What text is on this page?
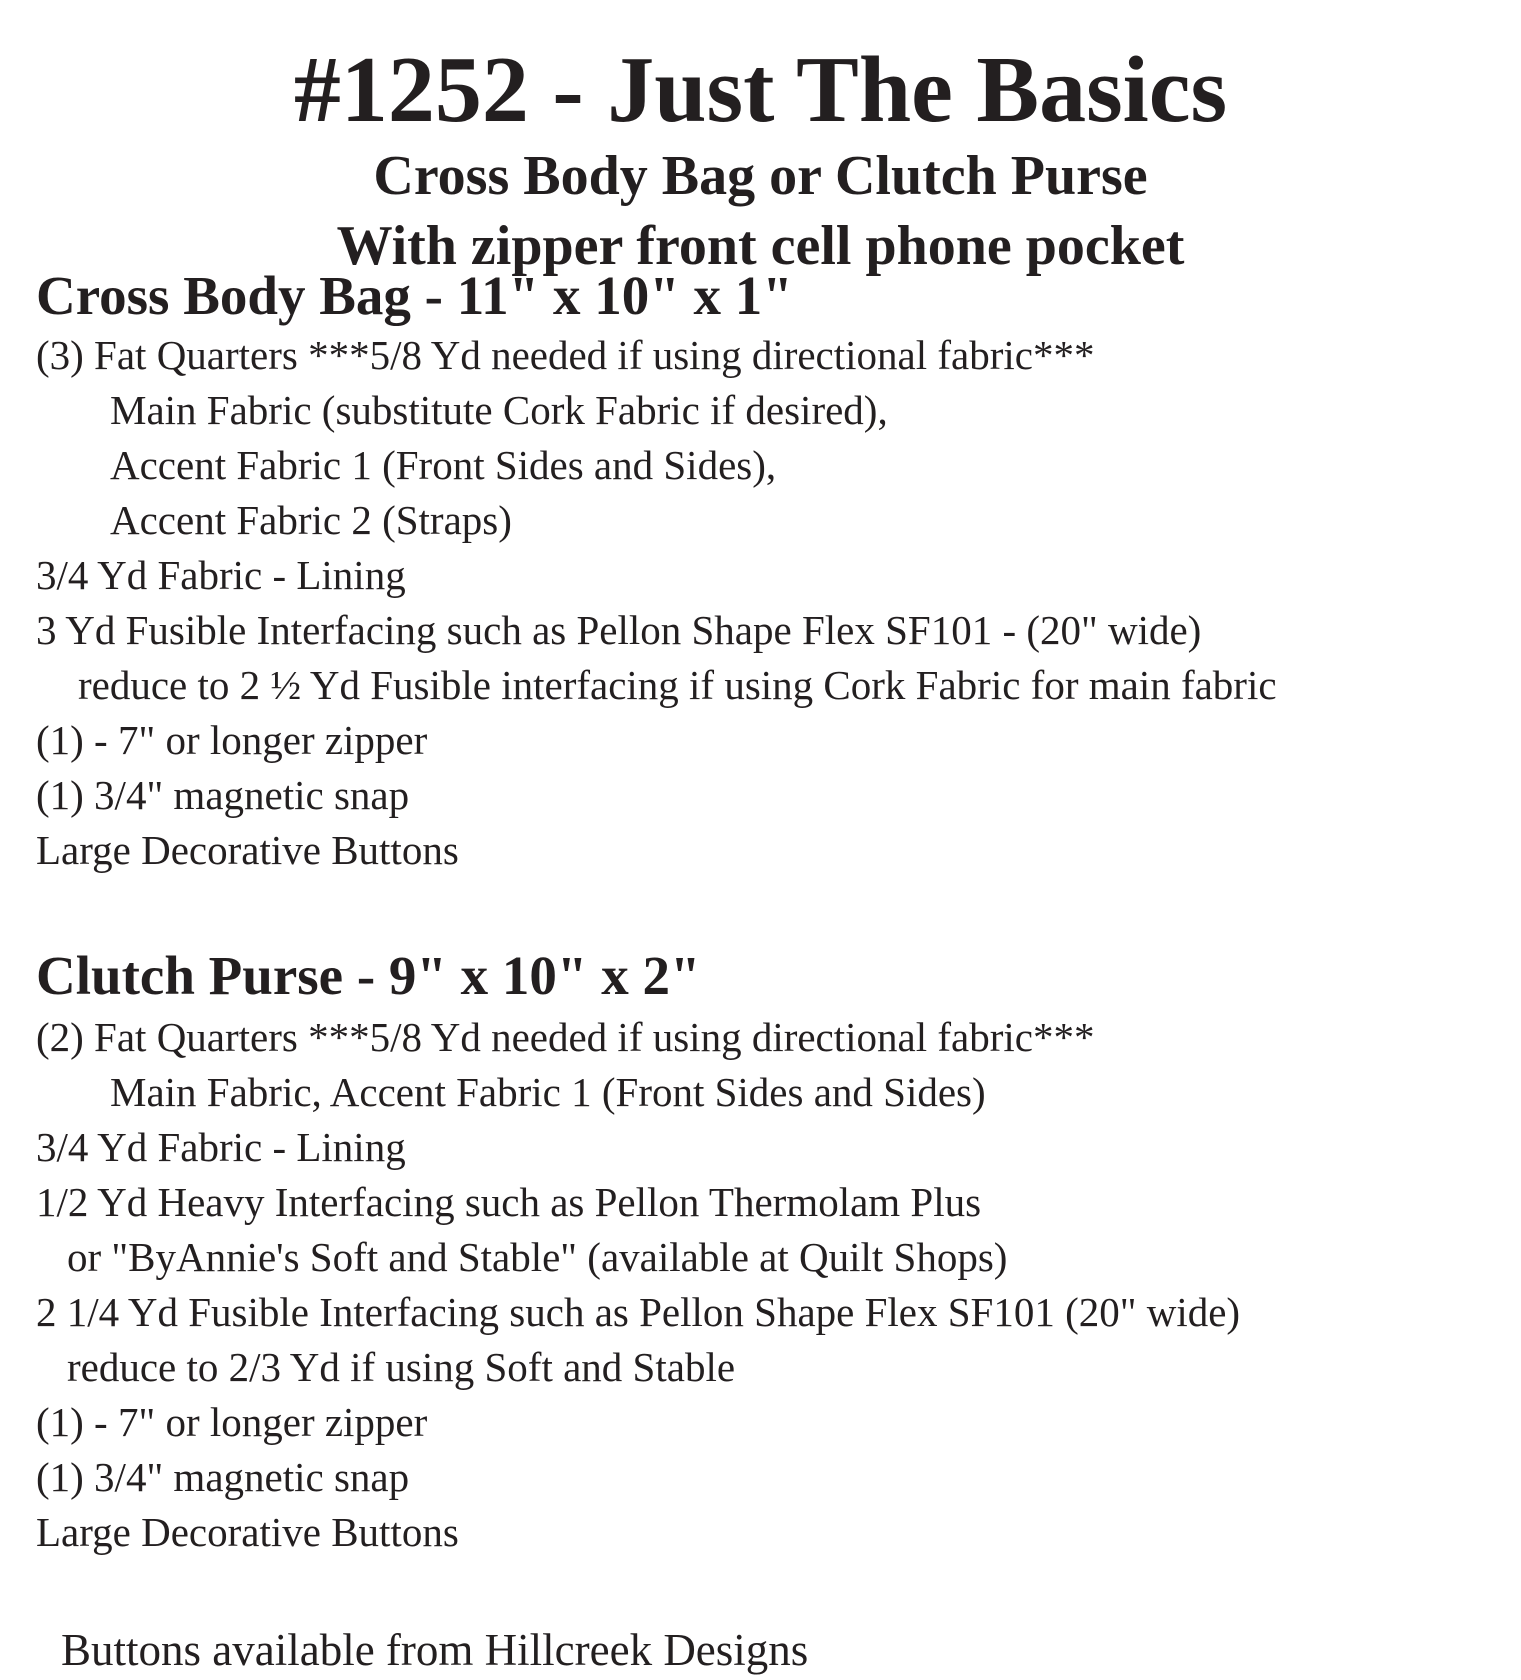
#1252 - Just The Basics
Cross Body Bag or Clutch Purse
With zipper front cell phone pocket
Cross Body Bag - 11" x 10" x 1"
(3) Fat Quarters ***5/8 Yd needed if using directional fabric***
Main Fabric (substitute Cork Fabric if desired),
Accent Fabric 1 (Front Sides and Sides),
Accent Fabric 2 (Straps)
3/4 Yd Fabric - Lining
3 Yd Fusible Interfacing such as Pellon Shape Flex SF101 - (20" wide)
reduce to 2 ½ Yd Fusible interfacing if using Cork Fabric for main fabric
(1) - 7" or longer zipper
(1) 3/4" magnetic snap
Large Decorative Buttons
Clutch Purse - 9" x 10" x 2"
(2) Fat Quarters ***5/8 Yd needed if using directional fabric***
Main Fabric, Accent Fabric 1 (Front Sides and Sides)
3/4 Yd Fabric - Lining
1/2 Yd Heavy Interfacing such as Pellon Thermolam Plus
or "ByAnnie's Soft and Stable" (available at Quilt Shops)
2 1/4 Yd Fusible Interfacing such as Pellon Shape Flex SF101 (20" wide)
reduce to 2/3 Yd if using Soft and Stable
(1) - 7" or longer zipper
(1) 3/4" magnetic snap
Large Decorative Buttons
Buttons available from Hillcreek Designs
